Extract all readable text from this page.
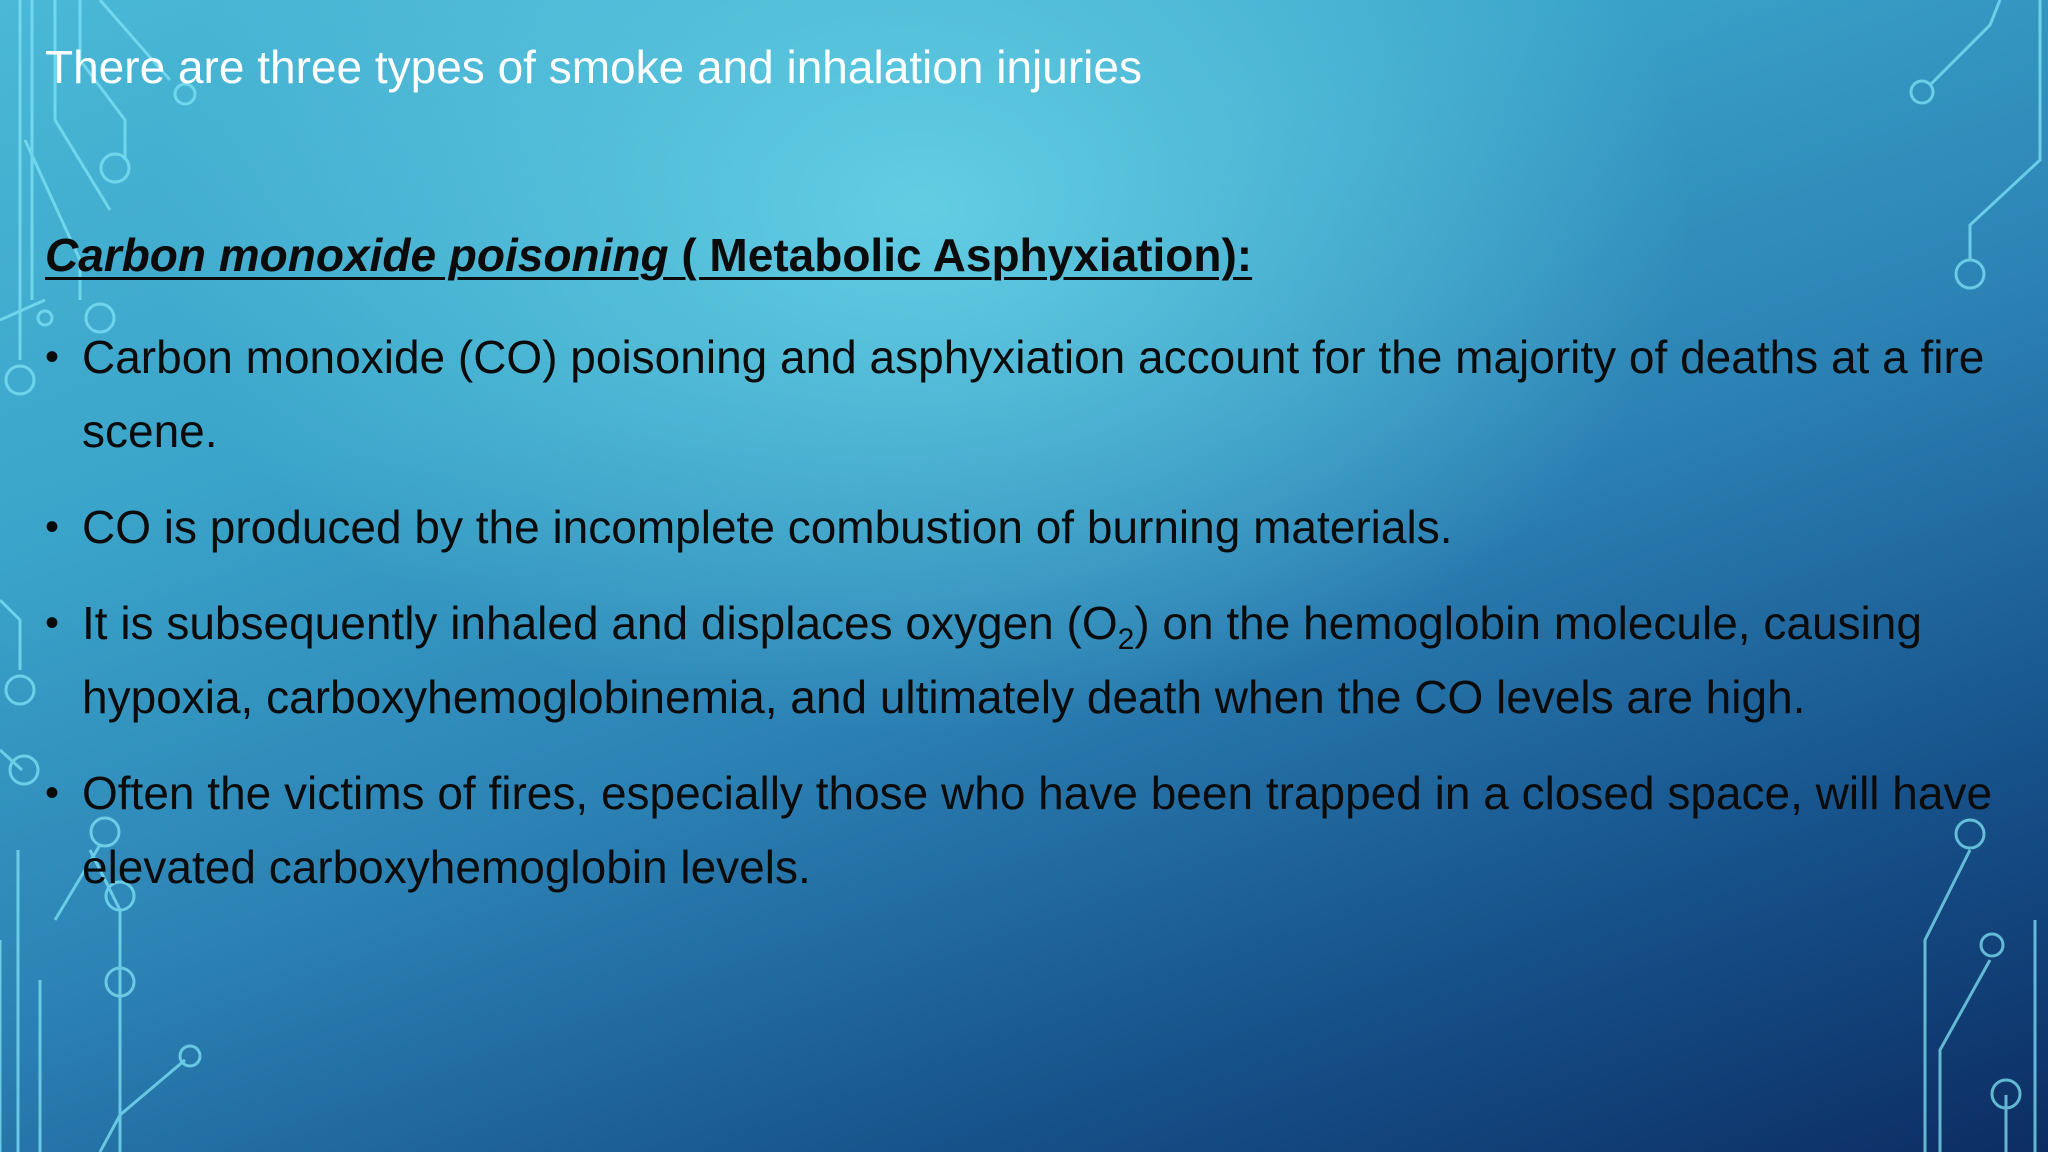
There are three types of smoke and inhalation injuries
Carbon monoxide poisoning ( Metabolic Asphyxiation):
• Carbon monoxide (CO) poisoning and asphyxiation account for the majority of deaths at a fire scene.
• CO is produced by the incomplete combustion of burning materials.
• It is subsequently inhaled and displaces oxygen $(O_2)$ on the hemoglobin molecule, causing hypoxia, carboxyhemoglobinemia, and ultimately death when the CO levels are high.
• Often the victims of fires, especially those who have been trapped in a closed space, will have elevated carboxyhemoglobin levels.
